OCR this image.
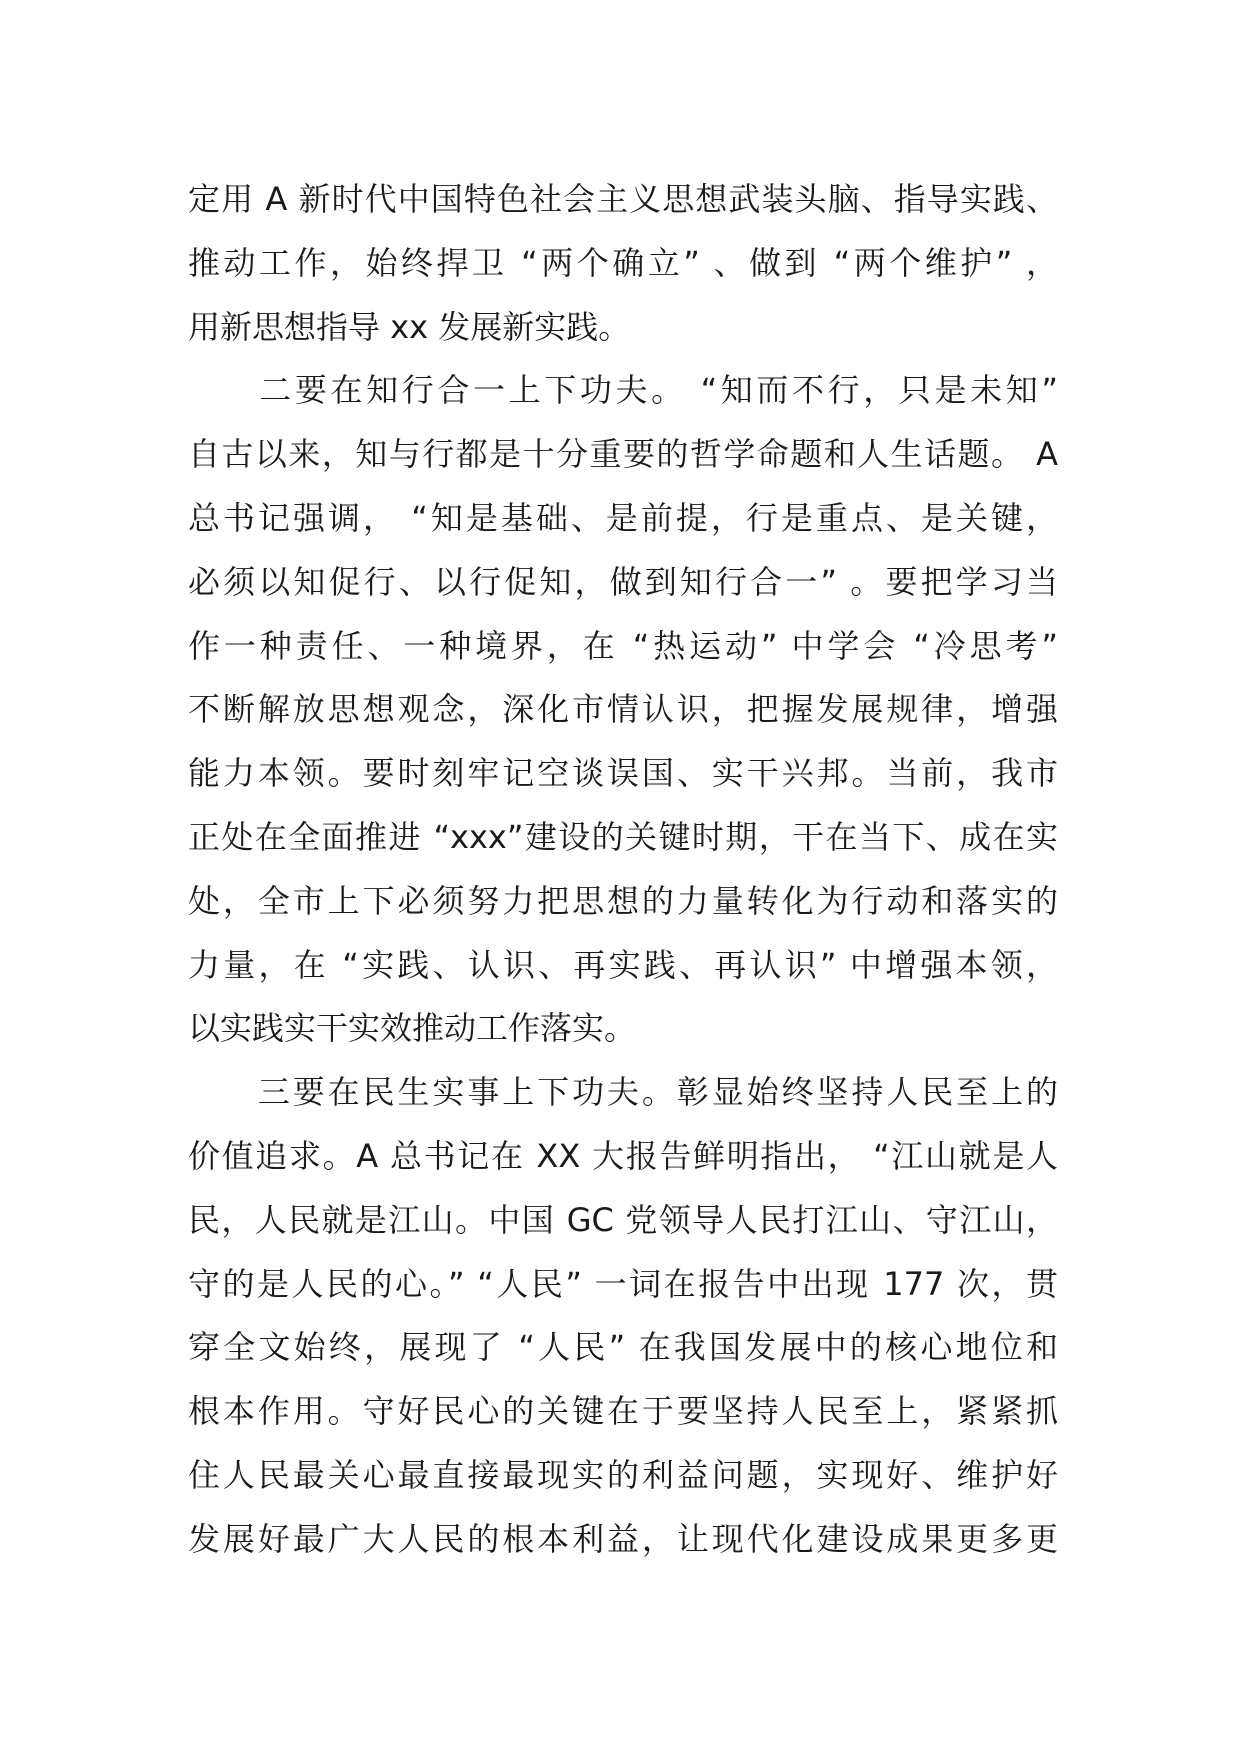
定用 A 新时代中国特色社会主义思想武装头脑、指导实践、
推动工作，始终捍卫 “两个确立” 、做到 “两个维护” ，
用新思想指导 xx 发展新实践。
　　二要在知行合一上下功夫。 “知而不行，只是未知”
自古以来，知与行都是十分重要的哲学命题和人生话题。 A
总书记强调， “知是基础、是前提，行是重点、是关键，
必须以知促行、以行促知，做到知行合一” 。要把学习当
作一种责任、一种境界，在 “热运动” 中学会 “冷思考”
不断解放思想观念，深化市情认识，把握发展规律，增强
能力本领。要时刻牢记空谈误国、实干兴邦。当前，我市
正处在全面推进 “xxx”建设的关键时期，干在当下、成在实
处，全市上下必须努力把思想的力量转化为行动和落实的
力量，在 “实践、认识、再实践、再认识” 中增强本领，
以实践实干实效推动工作落实。
　　三要在民生实事上下功夫。彰显始终坚持人民至上的
价值追求。A 总书记在 XX 大报告鲜明指出， “江山就是人
民，人民就是江山。中国 GC 党领导人民打江山、守江山，
守的是人民的心。” “人民” 一词在报告中出现 177 次，贯
穿全文始终，展现了 “人民” 在我国发展中的核心地位和
根本作用。守好民心的关键在于要坚持人民至上，紧紧抓
住人民最关心最直接最现实的利益问题，实现好、维护好
发展好最广大人民的根本利益，让现代化建设成果更多更
